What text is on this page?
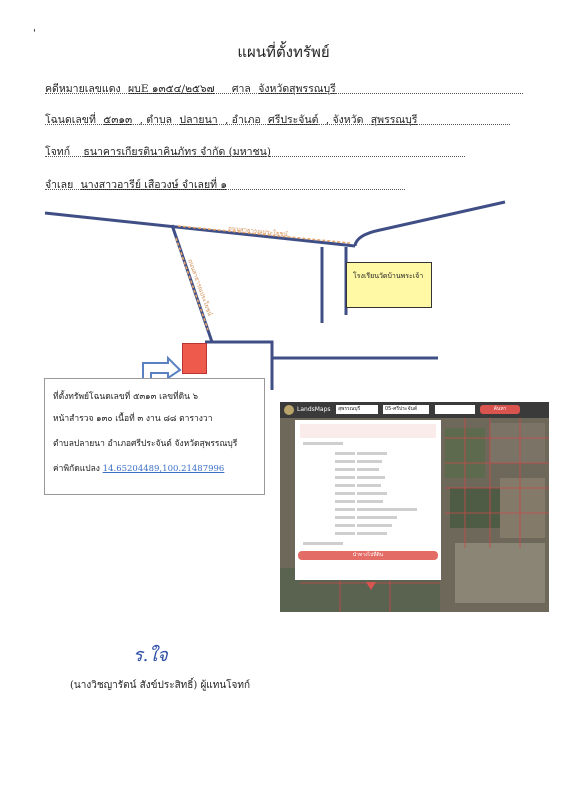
'
แผนที่ตั้งทรัพย์
คดีหมายเลขแดง ผบE ๑๓๕๔/๒๕๖๗ ศาล จังหวัดสุพรรณบุรี
โฉนดเลขที่ ๕๓๑๓ , ตำบล ปลายนา , อำเภอ ศรีประจันต์ , จังหวัด สุพรรณบุรี
โจทก์ ธนาคารเกียรตินาคินภัทร จำกัด (มหาชน)
จำเลย นางสาวอารีย์ เสือวงษ์ จำเลยที่ ๑
ถนนสาธารณประโยชน์
ถนนสาธารณประโยชน์	โรงเรียนวัดบ้านพระเจ้า
ที่ตั้งทรัพย์โฉนดเลขที่ ๕๓๑๓ เลขที่ดิน ๖
หน้าสำรวจ ๑๓๐ เนื้อที่ ๓ งาน ๘๘ ตารางวา
ตำบลปลายนา อำเภอศรีประจันต์ จังหวัดสุพรรณบุรี
ค่าพิกัดแปลง 14.65204489,100.21487996
LandsMaps	สุพรรณบุรี	05-ศรีประจันต์	ค้นหา
นำทางไปที่ดิน
ร.ใจ
(นางวิชญารัตน์ สังข์ประสิทธิ์) ผู้แทนโจทก์
